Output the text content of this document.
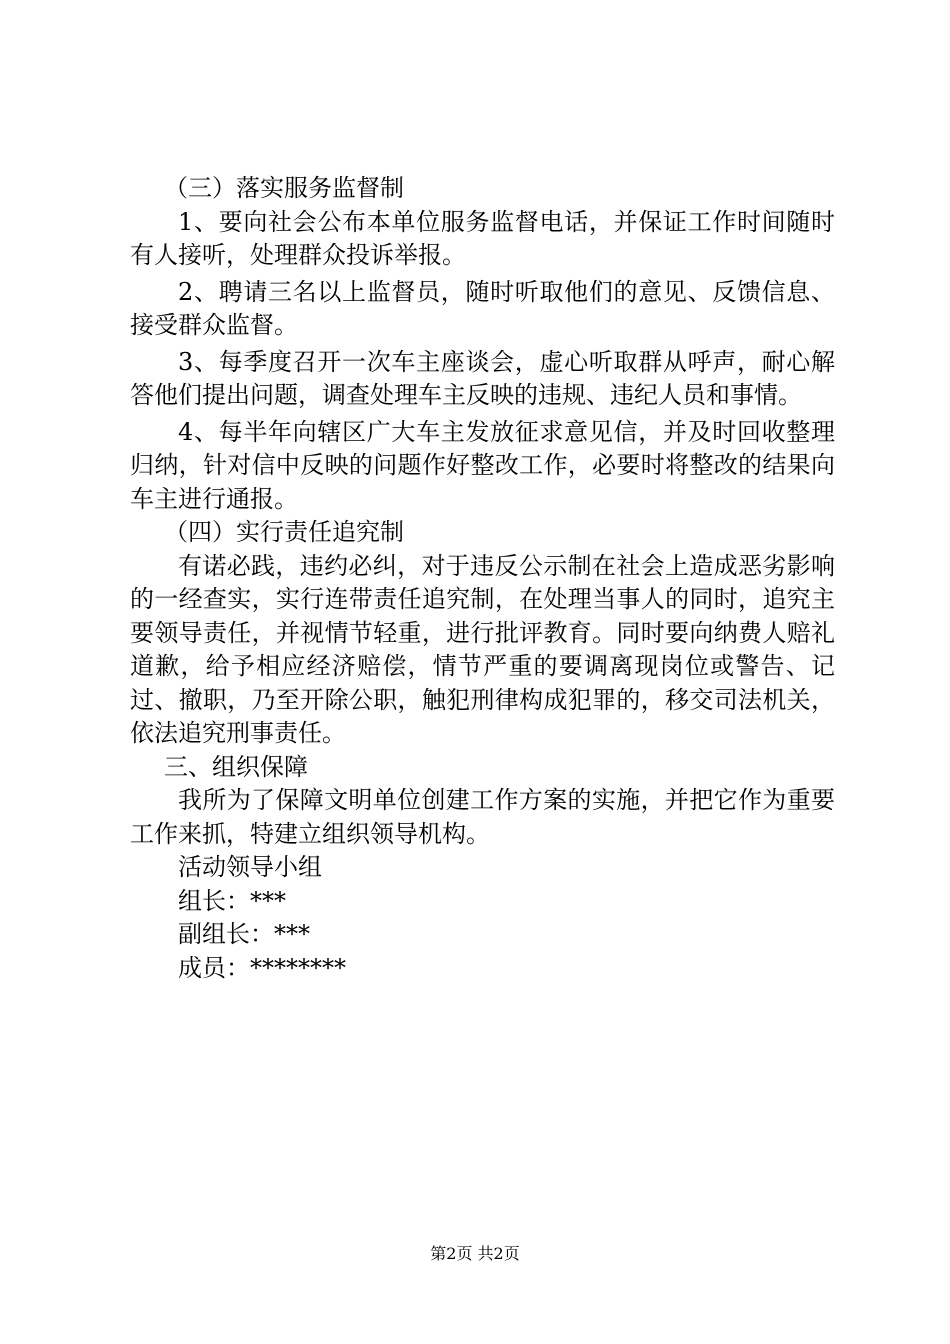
（三）落实服务监督制

1、要向社会公布本单位服务监督电话，并保证工作时间随时有人接听，处理群众投诉举报。

2、聘请三名以上监督员，随时听取他们的意见、反馈信息、接受群众监督。

3、每季度召开一次车主座谈会，虚心听取群从呼声，耐心解答他们提出问题，调查处理车主反映的违规、违纪人员和事情。

4、每半年向辖区广大车主发放征求意见信，并及时回收整理归纳，针对信中反映的问题作好整改工作，必要时将整改的结果向车主进行通报。

（四）实行责任追究制

有诺必践，违约必纠，对于违反公示制在社会上造成恶劣影响的一经查实，实行连带责任追究制，在处理当事人的同时，追究主要领导责任，并视情节轻重，进行批评教育。同时要向纳费人赔礼道歉，给予相应经济赔偿，情节严重的要调离现岗位或警告、记过、撤职，乃至开除公职，触犯刑律构成犯罪的，移交司法机关，依法追究刑事责任。

三、组织保障

我所为了保障文明单位创建工作方案的实施，并把它作为重要工作来抓，特建立组织领导机构。

活动领导小组

组长：***

副组长：***

成员：********

第2页 共2页
